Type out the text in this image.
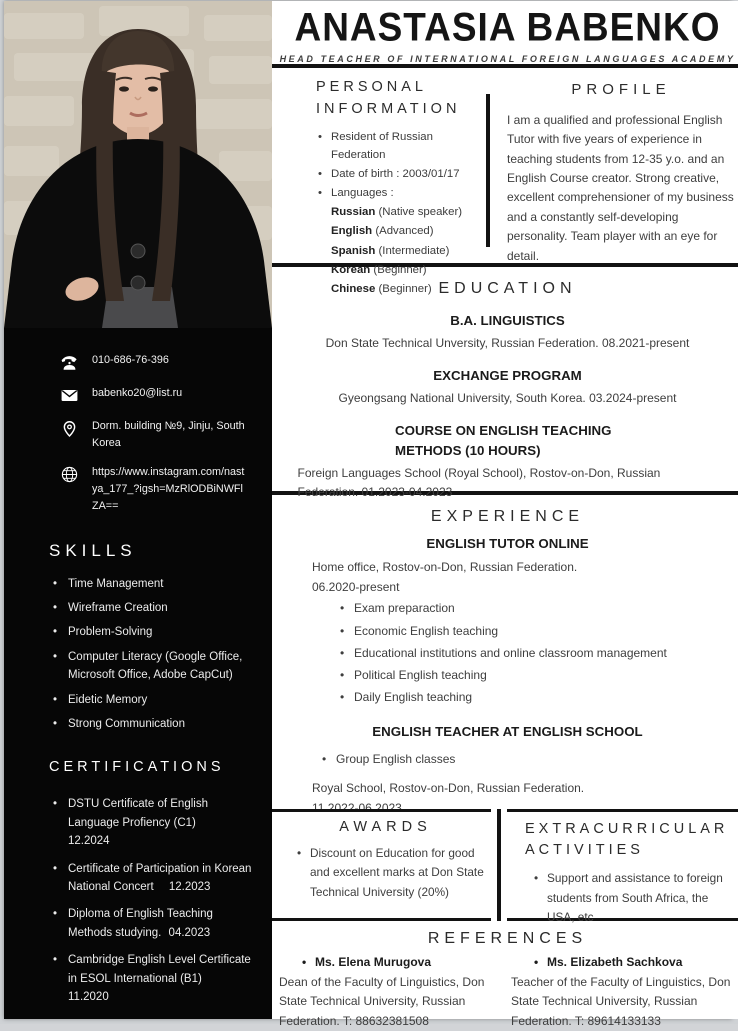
010-686-76-396
babenko20@list.ru
Dorm. building №9, Jinju, South Korea
https://www.instagram.com/nastya_177_?igsh=MzRlODBiNWFlZA==
SKILLS
• Time Management
• Wireframe Creation
• Problem-Solving
• Computer Literacy (Google Office, Microsoft Office, Adobe CapCut)
• Eidetic Memory
• Strong Communication
CERTIFICATIONS
• DSTU Certificate of English Language Profiency (C1)
12.2024
• Certificate of Participation in Korean National Concert 12.2023
• Diploma of English Teaching Methods studying. 04.2023
• Cambridge English Level Certificate in ESOL International (B1)
11.2020
ANASTASIA BABENKO
HEAD TEACHER OF INTERNATIONAL FOREIGN LANGUAGES ACADEMY
PERSONAL INFORMATION
• Resident of Russian Federation
• Date of birth : 2003/01/17
• Languages :
Russian (Native speaker)
English (Advanced)
Spanish (Intermediate)
Korean (Beginner)
Chinese (Beginner)
PROFILE
I am a qualified and professional English Tutor with five years of experience in teaching students from 12-35 y.o. and an English Course creator. Strong creative, excellent comprehensioner of my business and a constantly self-developing personality. Team player with an eye for detail.
EDUCATION
B.A. LINGUISTICS
Don State Technical Unversity, Russian Federation. 08.2021-present
EXCHANGE PROGRAM
Gyeongsang National University, South Korea. 03.2024-present
COURSE ON ENGLISH TEACHING METHODS (10 HOURS)
Foreign Languages School (Royal School), Rostov-on-Don, Russian Federation. 01.2023-04.2023
EXPERIENCE
ENGLISH TUTOR ONLINE
Home office, Rostov-on-Don, Russian Federation.
06.2020-present
• Exam preparaction
• Economic English teaching
• Educational institutions and online classroom management
• Political English teaching
• Daily English teaching
ENGLISH TEACHER AT ENGLISH SCHOOL
• Group English classes
Royal School, Rostov-on-Don, Russian Federation.
11.2022-06.2023
AWARDS
• Discount on Education for good and excellent marks at Don State Technical University (20%)
EXTRACURRICULAR ACTIVITIES
• Support and assistance to foreign students from South Africa, the USA, etc
REFERENCES
• Ms. Elena Murugova
Dean of the Faculty of Linguistics, Don State Technical University, Russian Federation. T: 88632381508
• Ms. Elizabeth Sachkova
Teacher of the Faculty of Linguistics, Don State Technical University, Russian Federation. T: 89614133133
